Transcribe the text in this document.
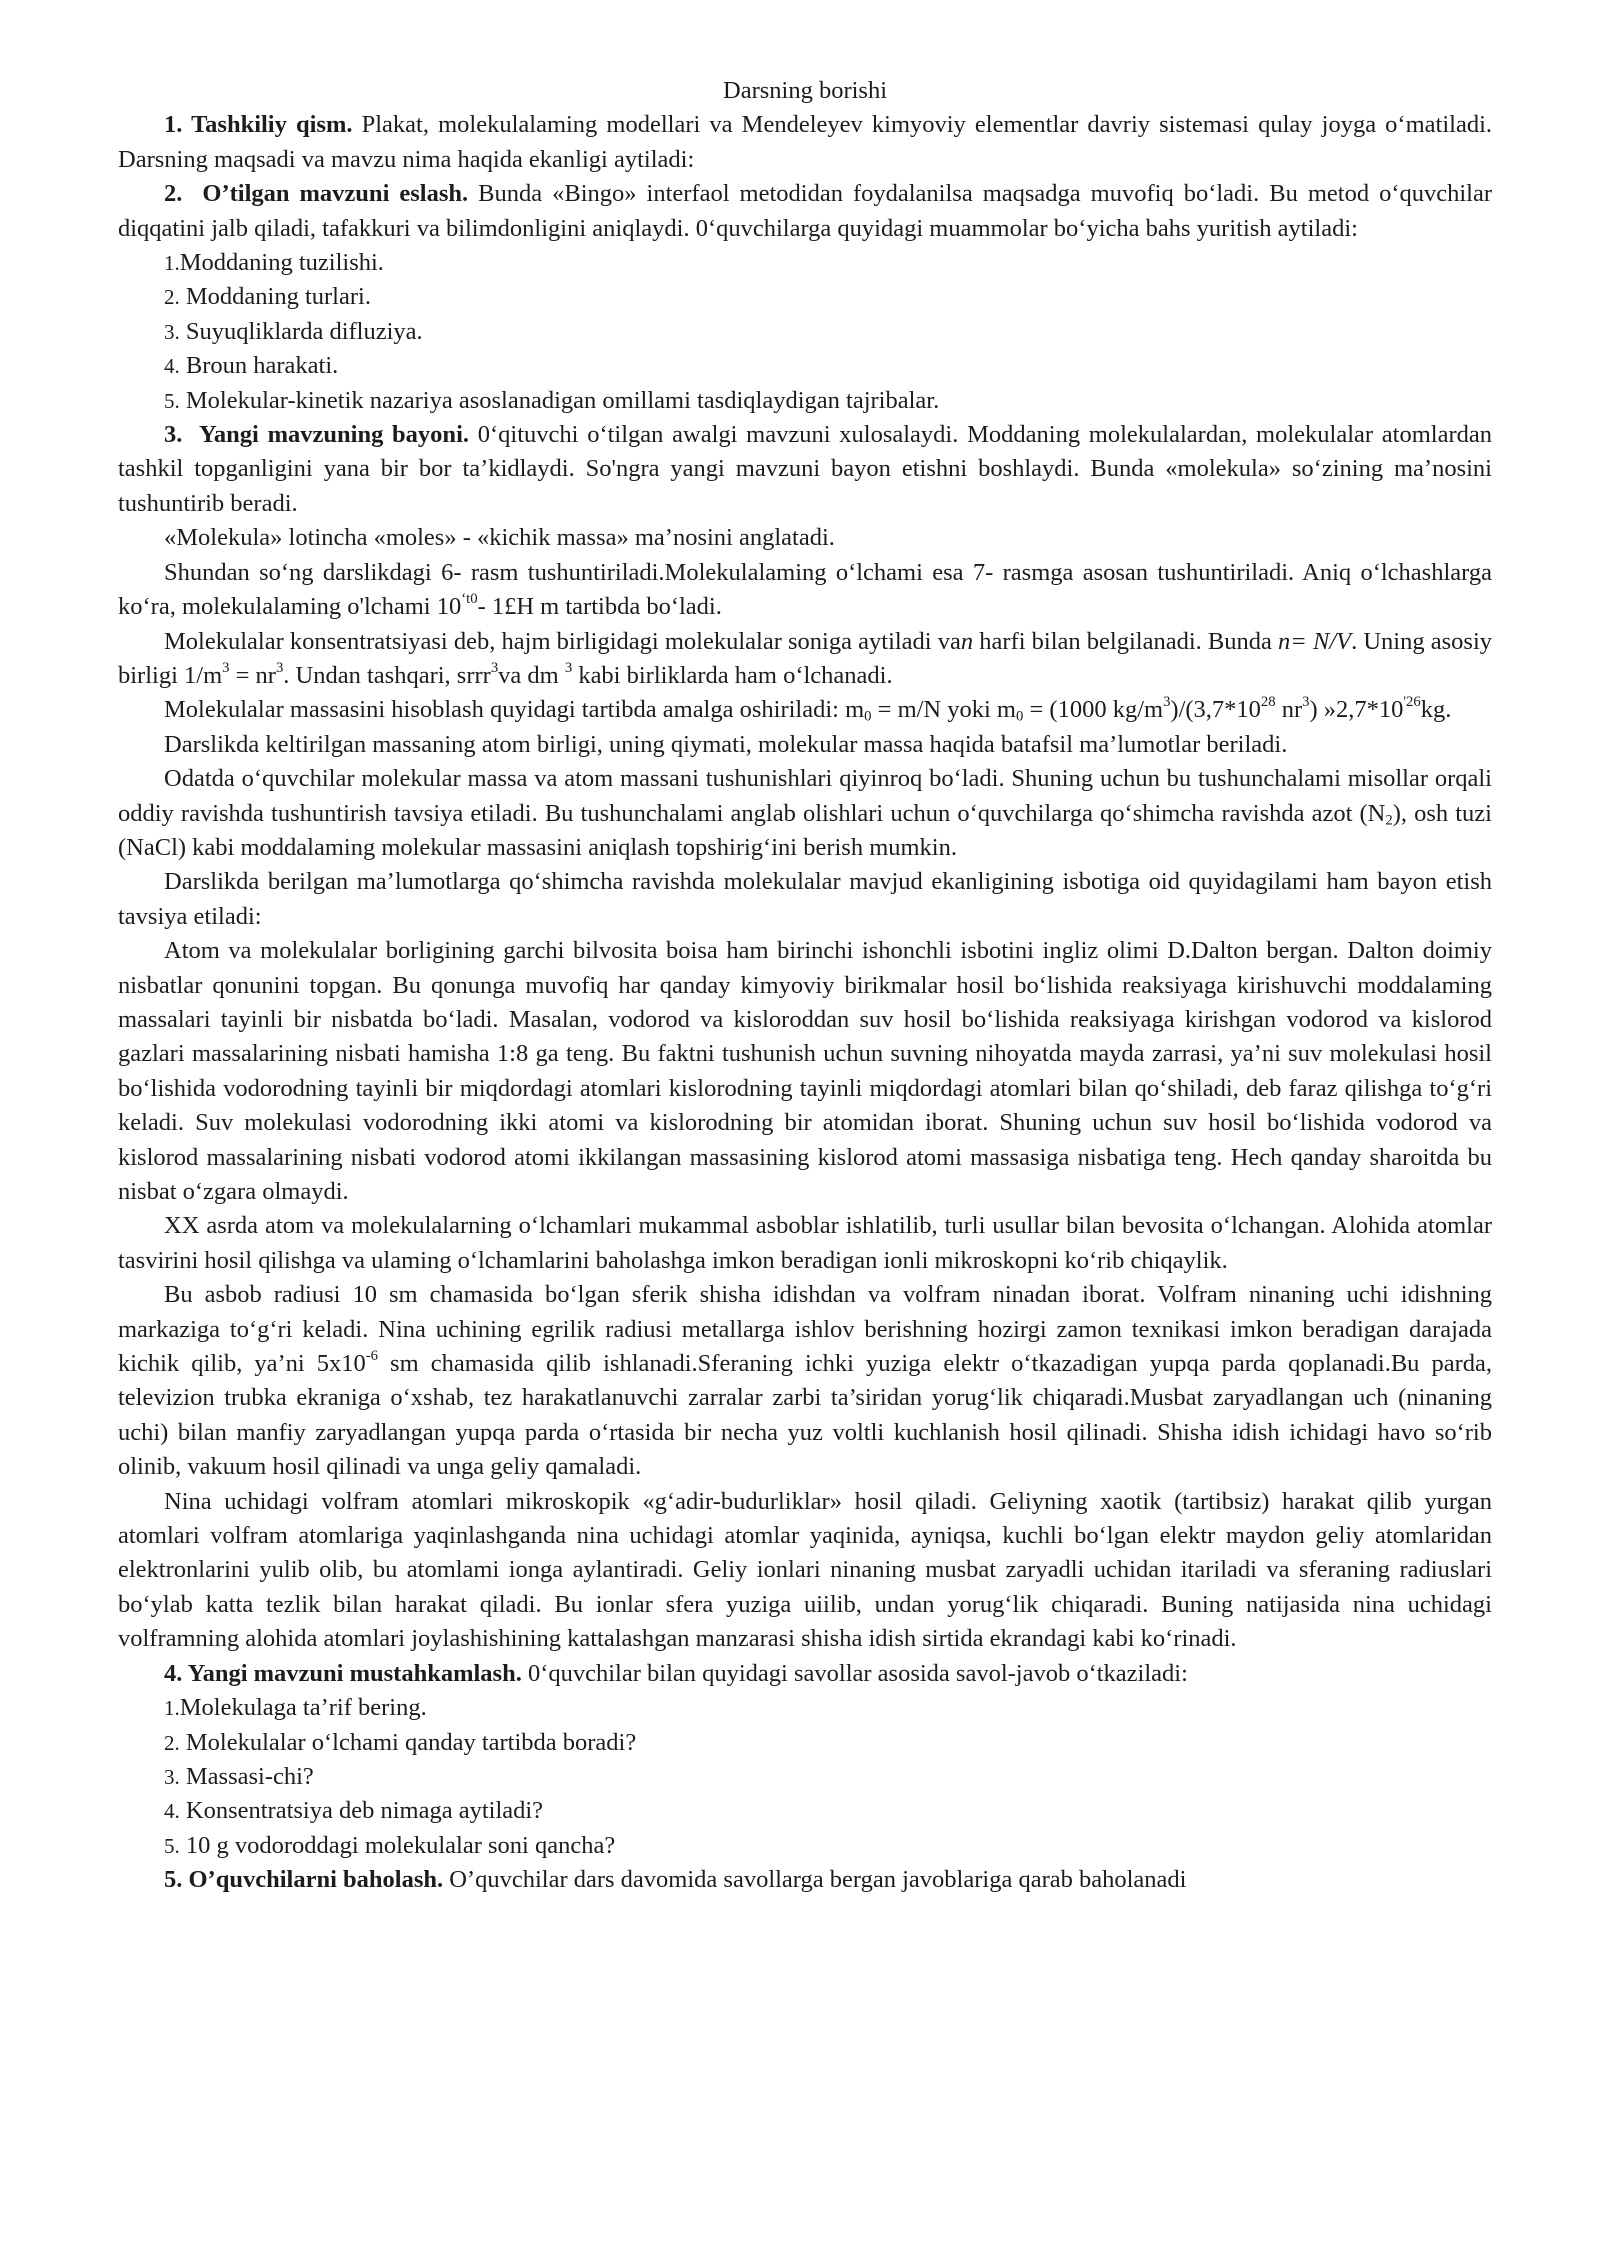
Darsning borishi

1. Tashkiliy qism. Plakat, molekulalaming modellari va Mendeleyev kimyoviy elementlar davriy sistemasi qulay joyga o‘matiladi. Darsning maqsadi va mavzu nima haqida ekanligi aytiladi:

2. O’tilgan mavzuni eslash. Bunda «Bingo» interfaol metodidan foydalanilsa maqsadga muvofiq bo‘ladi. Bu metod o‘quvchilar diqqatini jalb qiladi, tafakkuri va bilimdonligini aniqlaydi. 0‘quvchilarga quyidagi muammolar bo‘yicha bahs yuritish aytiladi:

1.Moddaning tuzilishi.
2. Moddaning turlari.
3. Suyuqliklarda difluziya.
4. Broun harakati.
5. Molekular-kinetik nazariya asoslanadigan omillami tasdiqlaydigan tajribalar.

3. Yangi mavzuning bayoni. 0‘qituvchi o‘tilgan awalgi mavzuni xulosalaydi. Moddaning molekulalardan, molekulalar atomlardan tashkil topganligini yana bir bor ta’kidlaydi. So'ngra yangi mavzuni bayon etishni boshlaydi. Bunda «molekula» so‘zining ma’nosini tushuntirib beradi.

«Molekula» lotincha «moles» - «kichik massa» ma’nosini anglatadi.

Shundan so‘ng darslikdagi 6- rasm tushuntiriladi.Molekulalaming o‘lchami esa 7- rasmga asosan tushuntiriladi. Aniq o‘lchashlarga ko‘ra, molekulalaming o'lchami $10^{‘t0}-$ 1£H m tartibda bo‘ladi.

Molekulalar konsentratsiyasi deb, hajm birligidagi molekulalar soniga aytiladi van harfi bilan belgilanadi. Bunda n= N/V. Uning asosiy birligi $1/m^3 = nr^3$. Undan tashqari, srrr$^3$va dm $^3$ kabi birliklarda ham o‘lchanadi.

Molekulalar massasini hisoblash quyidagi tartibda amalga oshiriladi: $m_0 = m/N$ yoki $m_0 = (1000$ $kg/m^3)/(3,7*10^{28}$ $nr^3$) $»2,7*10^{'26}kg$.

Darslikda keltirilgan massaning atom birligi, uning qiymati, molekular massa haqida batafsil ma’lumotlar beriladi.

Odatda o‘quvchilar molekular massa va atom massani tushunishlari qiyinroq bo‘ladi. Shuning uchun bu tushunchalami misollar orqali oddiy ravishda tushuntirish tavsiya etiladi. Bu tushunchalami anglab olishlari uchun o‘quvchilarga qo‘shimcha ravishda azot $(N_2)$, osh tuzi (NaCl) kabi moddalaming molekular massasini aniqlash topshirig‘ini berish mumkin.

Darslikda berilgan ma’lumotlarga qo‘shimcha ravishda molekulalar mavjud ekanligining isbotiga oid quyidagilami ham bayon etish tavsiya etiladi:

Atom va molekulalar borligining garchi bilvosita boisa ham birinchi ishonchli isbotini ingliz olimi D.Dalton bergan. Dalton doimiy nisbatlar qonunini topgan. Bu qonunga muvofiq har qanday kimyoviy birikmalar hosil bo‘lishida reaksiyaga kirishuvchi moddalaming massalari tayinli bir nisbatda bo‘ladi. Masalan, vodorod va kisloroddan suv hosil bo‘lishida reaksiyaga kirishgan vodorod va kislorod gazlari massalarining nisbati hamisha 1:8 ga teng. Bu faktni tushunish uchun suvning nihoyatda mayda zarrasi, ya’ni suv molekulasi hosil bo‘lishida vodorodning tayinli bir miqdordagi atomlari kislorodning tayinli miqdordagi atomlari bilan qo‘shiladi, deb faraz qilishga to‘g‘ri keladi. Suv molekulasi vodorodning ikki atomi va kislorodning bir atomidan iborat. Shuning uchun suv hosil bo‘lishida vodorod va kislorod massalarining nisbati vodorod atomi ikkilangan massasining kislorod atomi massasiga nisbatiga teng. Hech qanday sharoitda bu nisbat o‘zgara olmaydi.

XX asrda atom va molekulalarning o‘lchamlari mukammal asboblar ishlatilib, turli usullar bilan bevosita o‘lchangan. Alohida atomlar tasvirini hosil qilishga va ulaming o‘lchamlarini baholashga imkon beradigan ionli mikroskopni ko‘rib chiqaylik.

Bu asbob radiusi 10 sm chamasida bo‘lgan sferik shisha idishdan va volfram ninadan iborat. Volfram ninaning uchi idishning markaziga to‘g‘ri keladi. Nina uchining egrilik radiusi metallarga ishlov berishning hozirgi zamon texnikasi imkon beradigan darajada kichik qilib, ya’ni $5x10^{-6}$ sm chamasida qilib ishlanadi.Sferaning ichki yuziga elektr o‘tkazadigan yupqa parda qoplanadi.Bu parda, televizion trubka ekraniga o‘xshab, tez harakatlanuvchi zarralar zarbi ta’siridan yorug‘lik chiqaradi.Musbat zaryadlangan uch (ninaning uchi) bilan manfiy zaryadlangan yupqa parda o‘rtasida bir necha yuz voltli kuchlanish hosil qilinadi. Shisha idish ichidagi havo so‘rib olinib, vakuum hosil qilinadi va unga geliy qamaladi.

Nina uchidagi volfram atomlari mikroskopik «g‘adir-budurliklar» hosil qiladi. Geliyning xaotik (tartibsiz) harakat qilib yurgan atomlari volfram atomlariga yaqinlashganda nina uchidagi atomlar yaqinida, ayniqsa, kuchli bo‘lgan elektr maydon geliy atomlaridan elektronlarini yulib olib, bu atomlami ionga aylantiradi. Geliy ionlari ninaning musbat zaryadli uchidan itariladi va sferaning radiuslari bo‘ylab katta tezlik bilan harakat qiladi. Bu ionlar sfera yuziga uiilib, undan yorug‘lik chiqaradi. Buning natijasida nina uchidagi volframning alohida atomlari joylashishining kattalashgan manzarasi shisha idish sirtida ekrandagi kabi ko‘rinadi.

4. Yangi mavzuni mustahkamlash. 0‘quvchilar bilan quyidagi savollar asosida savol-javob o‘tkaziladi:

1.Molekulaga ta’rif bering.
2. Molekulalar o‘lchami qanday tartibda boradi?
3. Massasi-chi?
4. Konsentratsiya deb nimaga aytiladi?
5. 10 g vodoroddagi molekulalar soni qancha?

5. O’quvchilarni baholash. O’quvchilar dars davomida savollarga bergan javoblariga qarab baholanadi
